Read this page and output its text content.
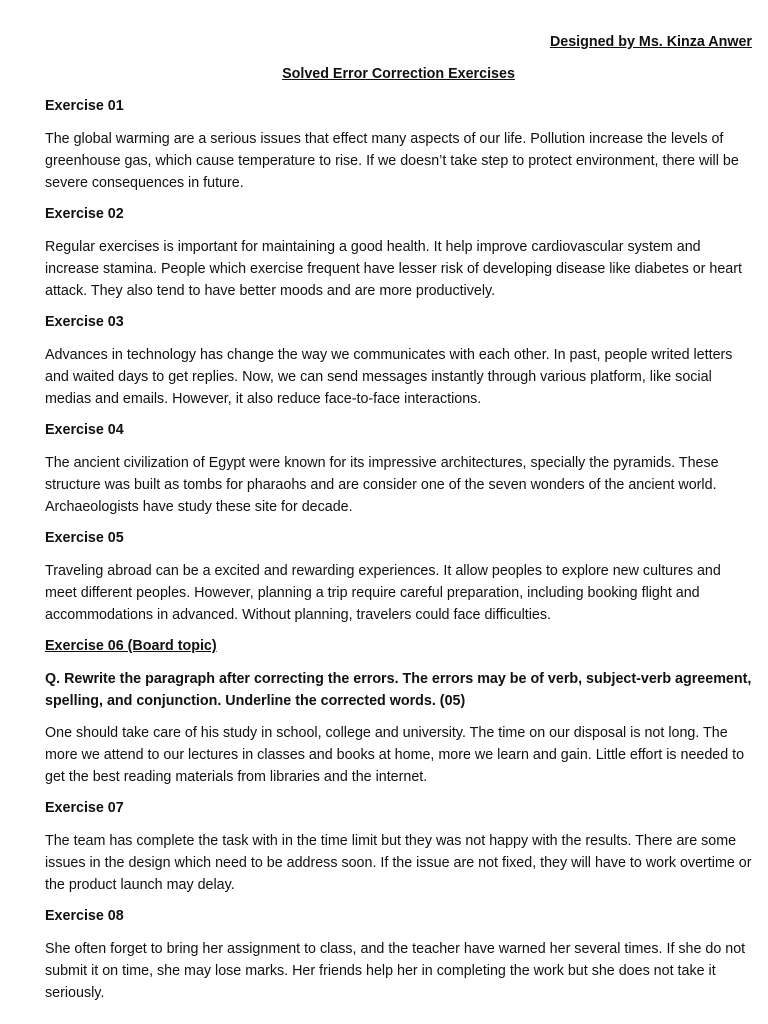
Designed by Ms. Kinza Anwer
Solved Error Correction Exercises
Exercise 01
The global warming are a serious issues that effect many aspects of our life. Pollution increase the levels of greenhouse gas, which cause temperature to rise. If we doesn’t take step to protect environment, there will be severe consequences in future.
Exercise 02
Regular exercises is important for maintaining a good health. It help improve cardiovascular system and increase stamina. People which exercise frequent have lesser risk of developing disease like diabetes or heart attack. They also tend to have better moods and are more productively.
Exercise 03
Advances in technology has change the way we communicates with each other. In past, people writed letters and waited days to get replies. Now, we can send messages instantly through various platform, like social medias and emails. However, it also reduce face-to-face interactions.
Exercise 04
The ancient civilization of Egypt were known for its impressive architectures, specially the pyramids. These structure was built as tombs for pharaohs and are consider one of the seven wonders of the ancient world. Archaeologists have study these site for decade.
Exercise 05
Traveling abroad can be a excited and rewarding experiences. It allow peoples to explore new cultures and meet different peoples. However, planning a trip require careful preparation, including booking flight and accommodations in advanced. Without planning, travelers could face difficulties.
Exercise 06 (Board topic)
Q. Rewrite the paragraph after correcting the errors. The errors may be of verb, subject-verb agreement, spelling, and conjunction. Underline the corrected words. (05)
One should take care of his study in school, college and university. The time on our disposal is not long. The more we attend to our lectures in classes and books at home, more we learn and gain. Little effort is needed to get the best reading materials from libraries and the internet.
Exercise 07
The team has complete the task with in the time limit but they was not happy with the results. There are some issues in the design which need to be address soon. If the issue are not fixed, they will have to work overtime or the product launch may delay.
Exercise 08
She often forget to bring her assignment to class, and the teacher have warned her several times. If she do not submit it on time, she may lose marks. Her friends help her in completing the work but she does not take it seriously.
